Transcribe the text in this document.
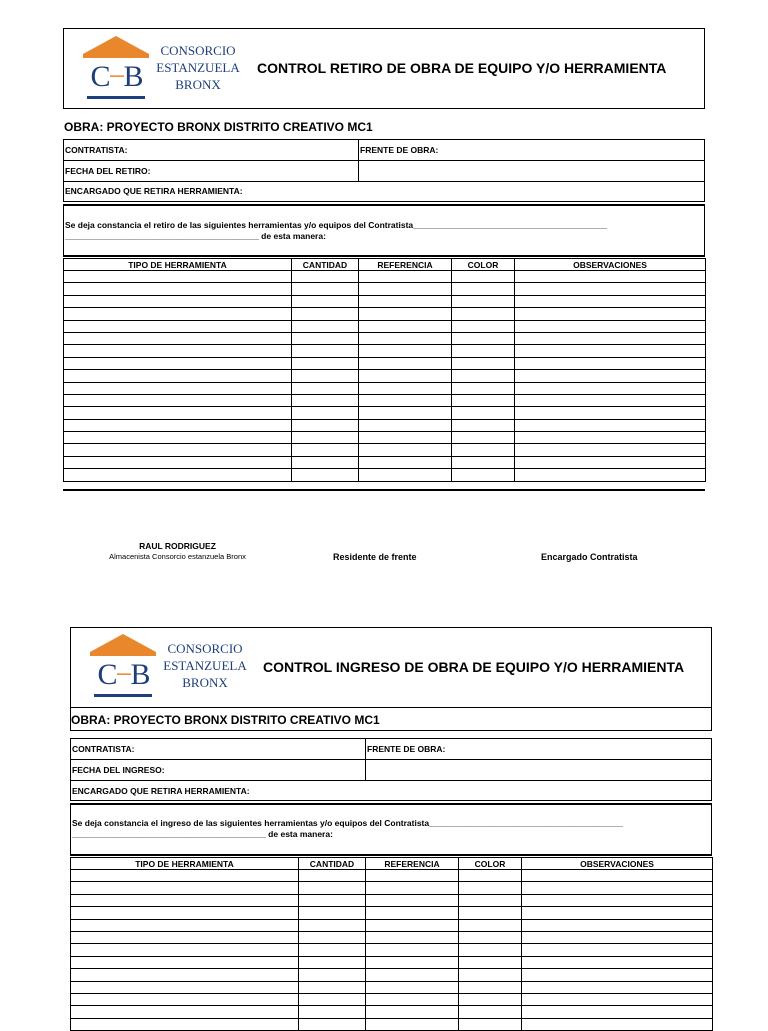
C−B
CONSORCIO
ESTANZUELA
BRONX
CONTROL RETIRO DE OBRA DE EQUIPO Y/O HERRAMIENTA
OBRA: PROYECTO BRONX DISTRITO CREATIVO MC1
CONTRATISTA:	FRENTE DE OBRA:
FECHA DEL RETIRO:
ENCARGADO QUE RETIRA HERRAMIENTA:
Se deja constancia el retiro de las siguientes herramientas y/o equipos del Contratista_________________________________________
_________________________________________ de esta manera:
TIPO DE HERRAMIENTA	CANTIDAD	REFERENCIA	COLOR	OBSERVACIONES

RAUL RODRIGUEZ
Almacenista Consorcio estanzuela Bronx	Residente de frente	Encargado Contratista
C−B
CONSORCIO
ESTANZUELA
BRONX
CONTROL INGRESO DE OBRA DE EQUIPO Y/O HERRAMIENTA
OBRA: PROYECTO BRONX DISTRITO CREATIVO MC1
CONTRATISTA:	FRENTE DE OBRA:
FECHA DEL INGRESO:
ENCARGADO QUE RETIRA HERRAMIENTA:
Se deja constancia el ingreso de las siguientes herramientas y/o equipos del Contratista_________________________________________
_________________________________________ de esta manera:
TIPO DE HERRAMIENTA	CANTIDAD	REFERENCIA	COLOR	OBSERVACIONES
